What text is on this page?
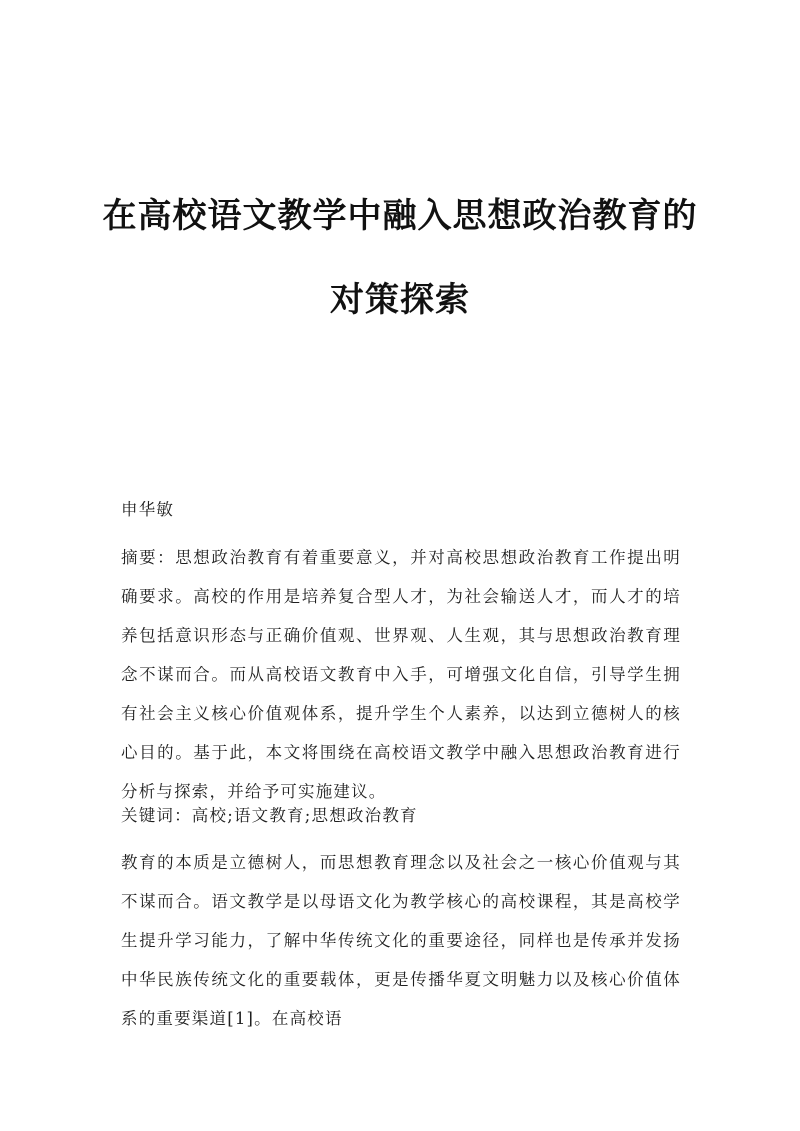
在高校语文教学中融入思想政治教育的
对策探索
申华敏
摘要：思想政治教育有着重要意义，并对高校思想政治教育工作提出明确要求。高校的作用是培养复合型人才，为社会输送人才，而人才的培养包括意识形态与正确价值观、世界观、人生观，其与思想政治教育理念不谋而合。而从高校语文教育中入手，可增强文化自信，引导学生拥有社会主义核心价值观体系，提升学生个人素养，以达到立德树人的核心目的。基于此，本文将围绕在高校语文教学中融入思想政治教育进行分析与探索，并给予可实施建议。
关键词：高校;语文教育;思想政治教育
教育的本质是立德树人，而思想教育理念以及社会之一核心价值观与其不谋而合。语文教学是以母语文化为教学核心的高校课程，其是高校学生提升学习能力，了解中华传统文化的重要途径，同样也是传承并发扬中华民族传统文化的重要载体，更是传播华夏文明魅力以及核心价值体系的重要渠道[1]。在高校语
